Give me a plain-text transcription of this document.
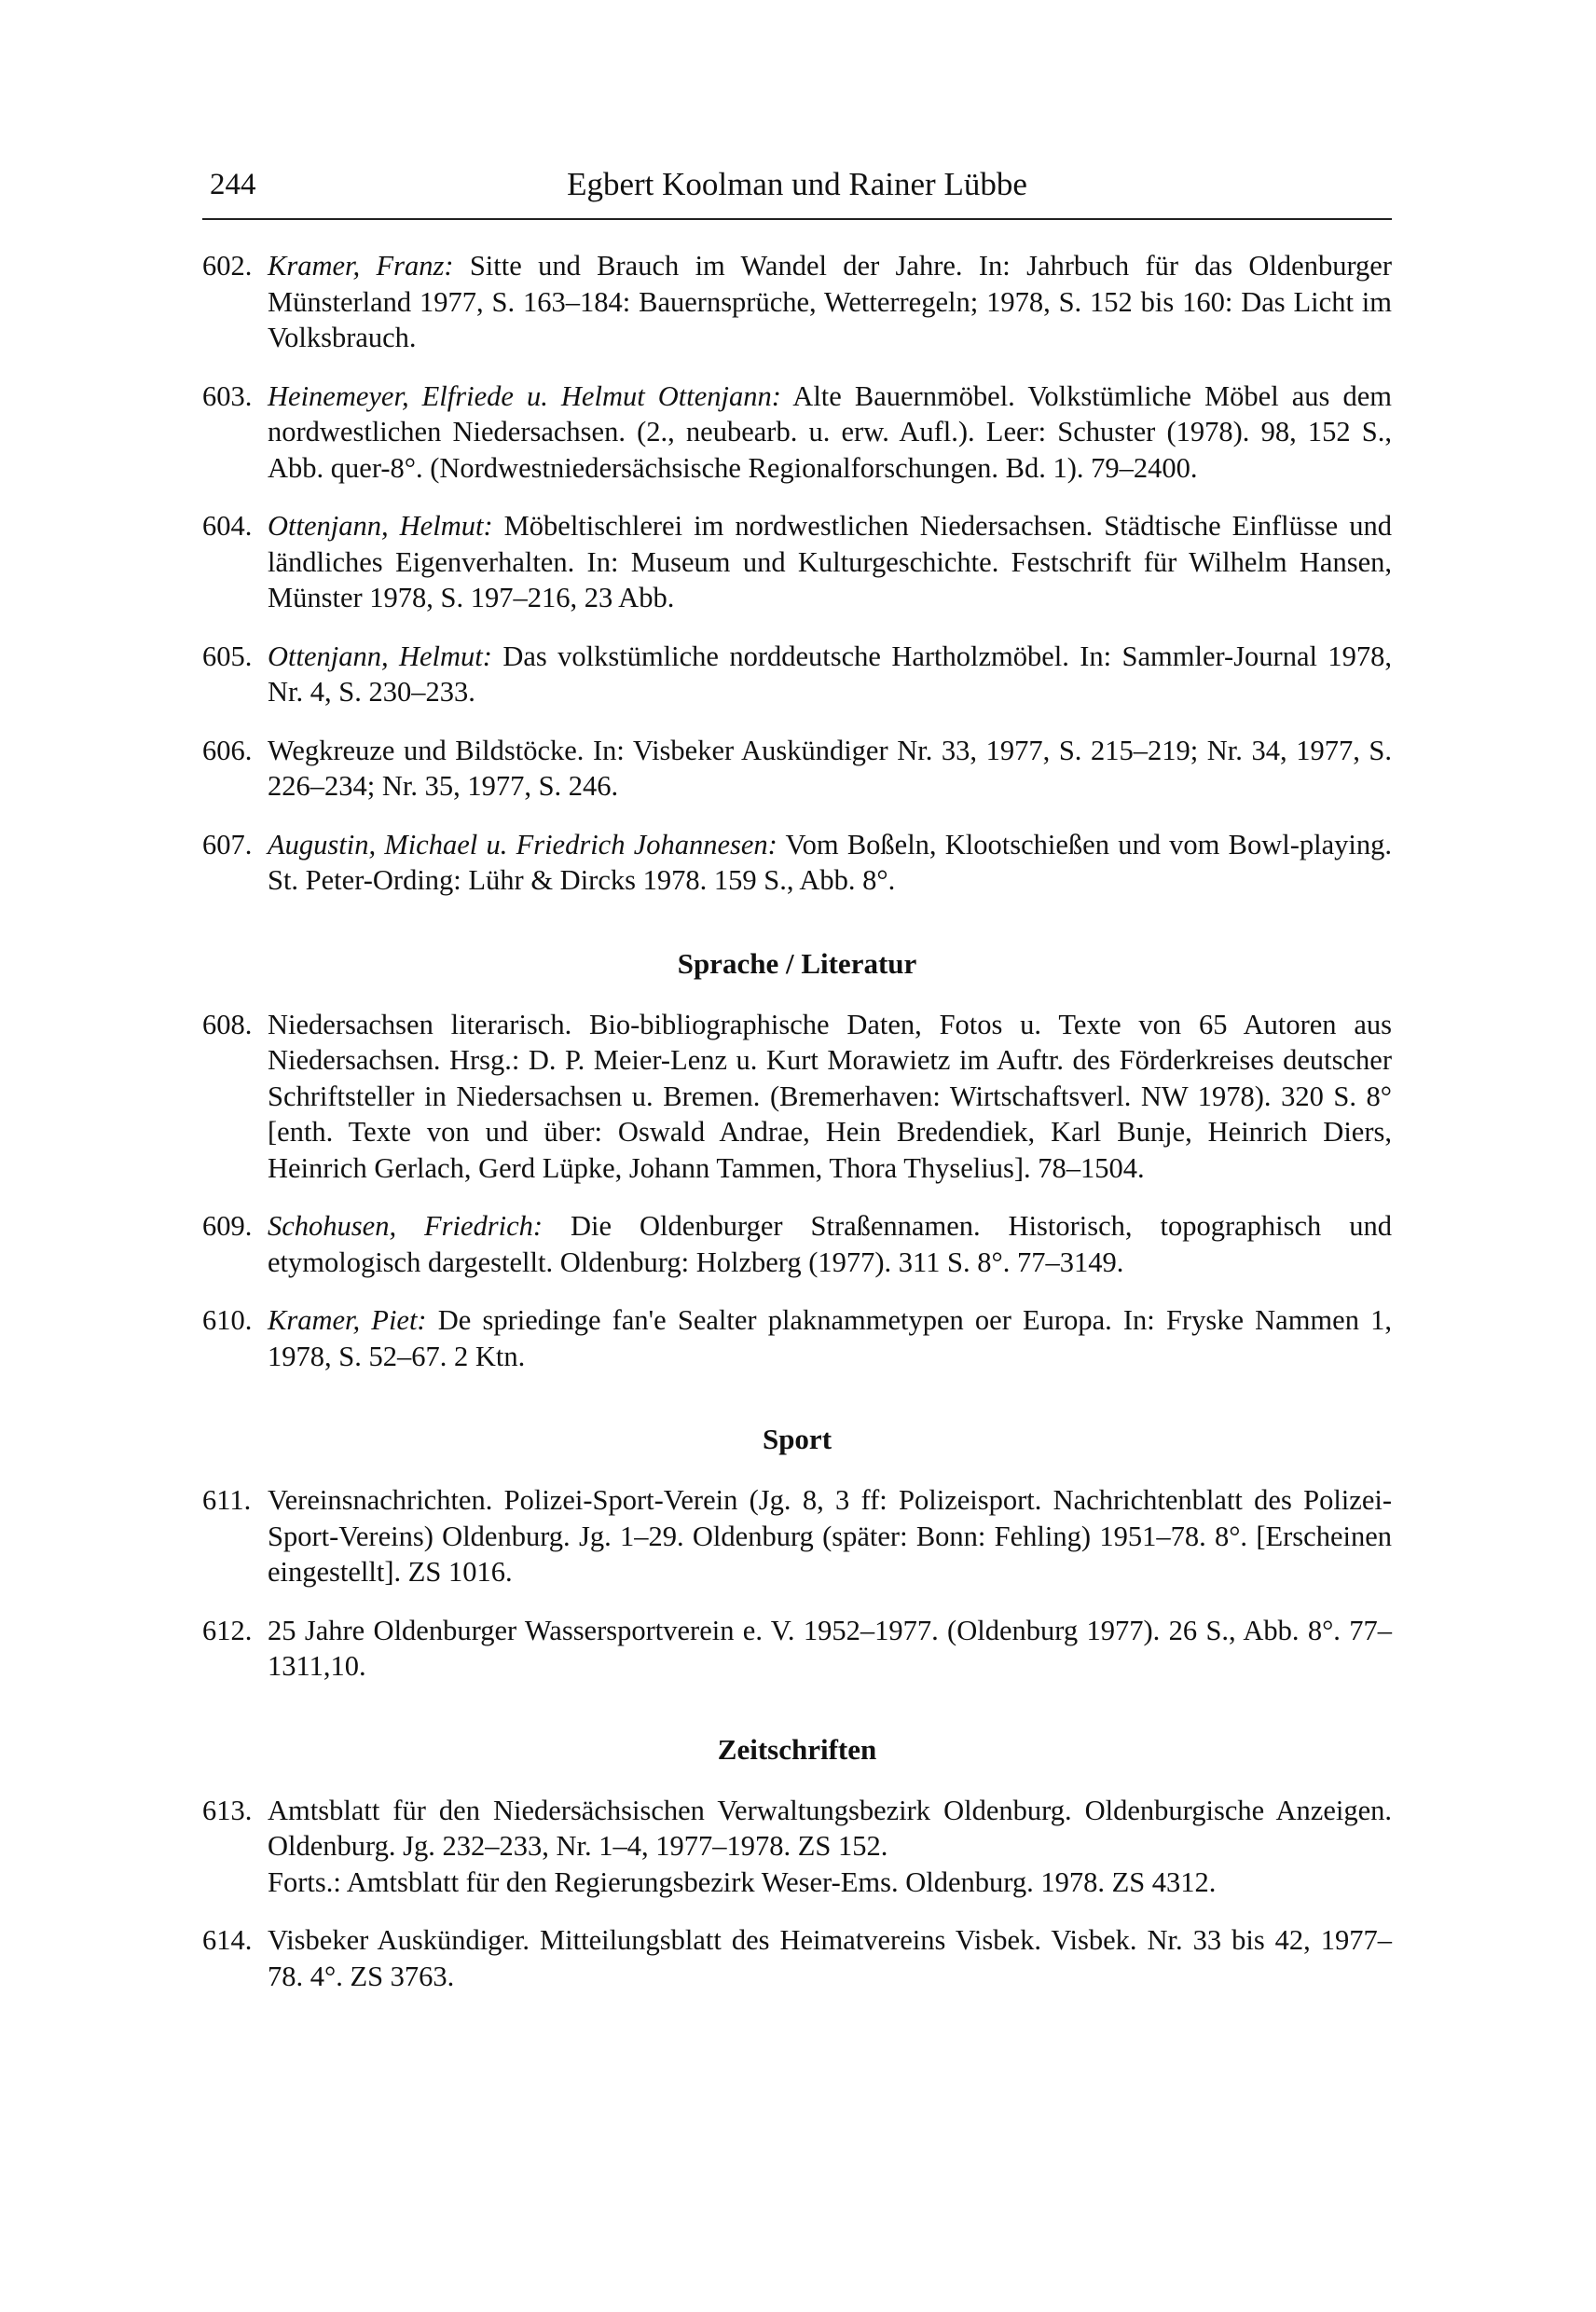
244	Egbert Koolman und Rainer Lübbe
602. Kramer, Franz: Sitte und Brauch im Wandel der Jahre. In: Jahrbuch für das Oldenburger Münsterland 1977, S. 163–184: Bauernsprüche, Wetterregeln; 1978, S. 152 bis 160: Das Licht im Volksbrauch.
603. Heinemeyer, Elfriede u. Helmut Ottenjann: Alte Bauernmöbel. Volkstümliche Möbel aus dem nordwestlichen Niedersachsen. (2., neubearb. u. erw. Aufl.). Leer: Schuster (1978). 98, 152 S., Abb. quer-8°. (Nordwestniedersächsische Regionalforschungen. Bd. 1). 79–2400.
604. Ottenjann, Helmut: Möbeltischlerei im nordwestlichen Niedersachsen. Städtische Einflüsse und ländliches Eigenverhalten. In: Museum und Kulturgeschichte. Festschrift für Wilhelm Hansen, Münster 1978, S. 197–216, 23 Abb.
605. Ottenjann, Helmut: Das volkstümliche norddeutsche Hartholzmöbel. In: Sammler-Journal 1978, Nr. 4, S. 230–233.
606. Wegkreuze und Bildstöcke. In: Visbeker Auskündiger Nr. 33, 1977, S. 215–219; Nr. 34, 1977, S. 226–234; Nr. 35, 1977, S. 246.
607. Augustin, Michael u. Friedrich Johannesen: Vom Boßeln, Klootschießen und vom Bowl-playing. St. Peter-Ording: Lühr & Dircks 1978. 159 S., Abb. 8°.
Sprache / Literatur
608. Niedersachsen literarisch. Bio-bibliographische Daten, Fotos u. Texte von 65 Autoren aus Niedersachsen. Hrsg.: D. P. Meier-Lenz u. Kurt Morawietz im Auftr. des Förderkreises deutscher Schriftsteller in Niedersachsen u. Bremen. (Bremerhaven: Wirtschaftsverl. NW 1978). 320 S. 8° [enth. Texte von und über: Oswald Andrae, Hein Bredendiek, Karl Bunje, Heinrich Diers, Heinrich Gerlach, Gerd Lüpke, Johann Tammen, Thora Thyselius]. 78–1504.
609. Schohusen, Friedrich: Die Oldenburger Straßennamen. Historisch, topographisch und etymologisch dargestellt. Oldenburg: Holzberg (1977). 311 S. 8°. 77–3149.
610. Kramer, Piet: De spriedinge fan'e Sealter plaknammetypen oer Europa. In: Fryske Nammen 1, 1978, S. 52–67. 2 Ktn.
Sport
611. Vereinsnachrichten. Polizei-Sport-Verein (Jg. 8, 3 ff: Polizeisport. Nachrichtenblatt des Polizei-Sport-Vereins) Oldenburg. Jg. 1–29. Oldenburg (später: Bonn: Fehling) 1951–78. 8°. [Erscheinen eingestellt]. ZS 1016.
612. 25 Jahre Oldenburger Wassersportverein e. V. 1952–1977. (Oldenburg 1977). 26 S., Abb. 8°. 77–1311,10.
Zeitschriften
613. Amtsblatt für den Niedersächsischen Verwaltungsbezirk Oldenburg. Oldenburgische Anzeigen. Oldenburg. Jg. 232–233, Nr. 1–4, 1977–1978. ZS 152.
Forts.: Amtsblatt für den Regierungsbezirk Weser-Ems. Oldenburg. 1978. ZS 4312.
614. Visbeker Auskündiger. Mitteilungsblatt des Heimatvereins Visbek. Visbek. Nr. 33 bis 42, 1977–78. 4°. ZS 3763.
